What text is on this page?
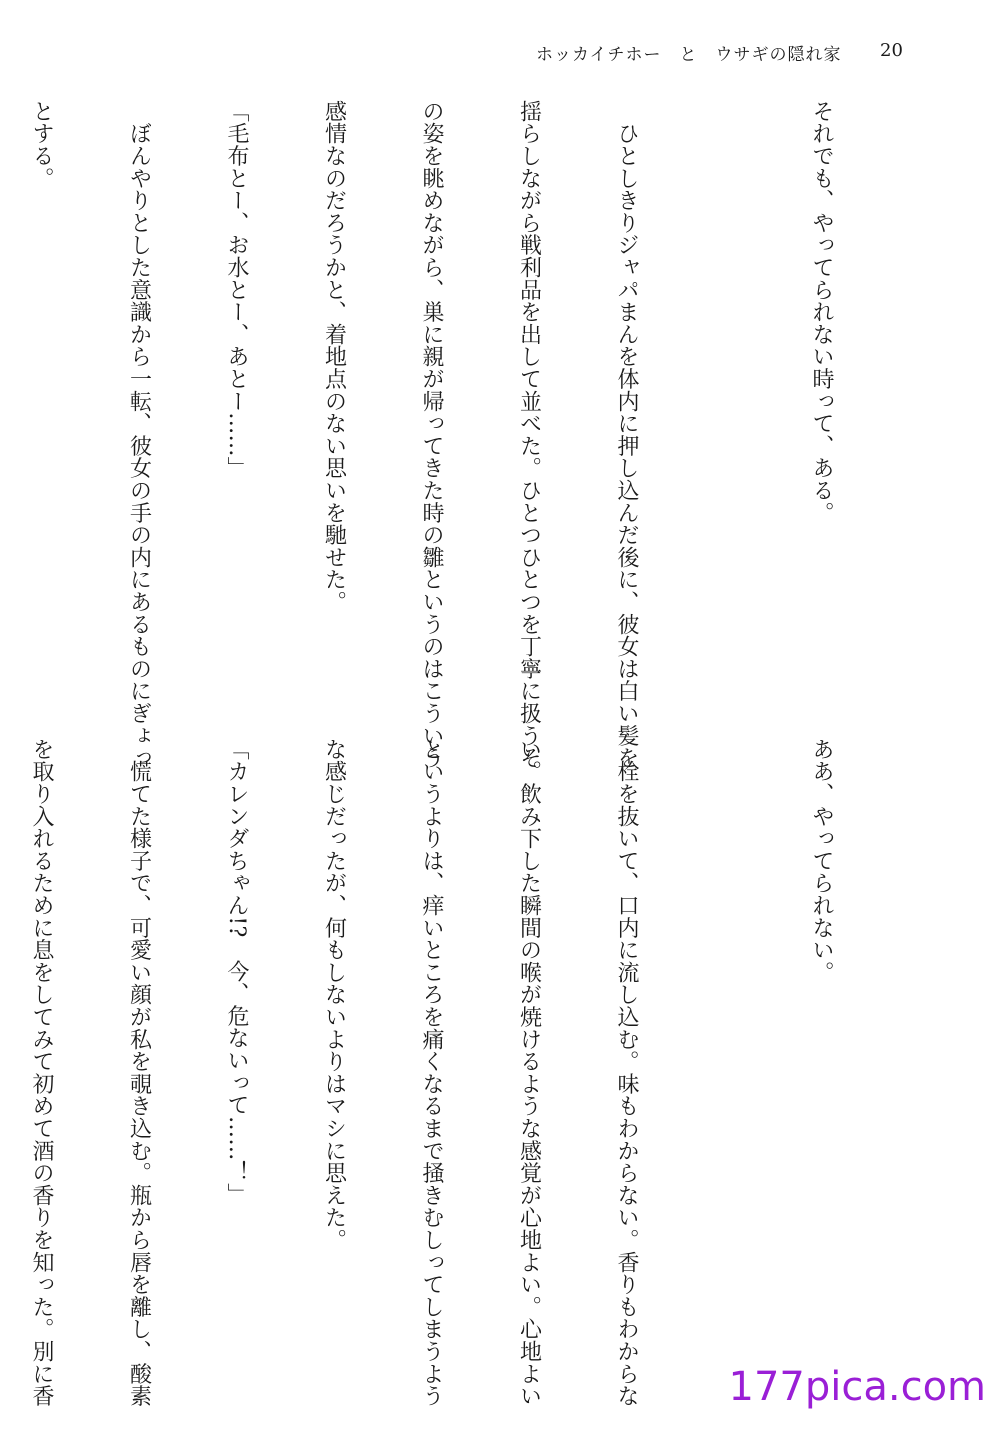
ホッカイチホー　と　ウサギの隠れ家 20

それでも、やってられない時って、ある。

　ひとしきりジャパまんを体内に押し込んだ後に、彼女は白い髪を

揺らしながら戦利品を出して並べた。ひとつひとつを丁寧に扱うそ

の姿を眺めながら、巣に親が帰ってきた時の雛というのはこういう

感情なのだろうかと、着地点のない思いを馳せた。

「毛布とー、お水とー、あとー……」

　ぼんやりとした意識から一転、彼女の手の内にあるものにぎょっ

とする。

ああ、やってられない。

　栓を抜いて、口内に流し込む。味もわからない。香りもわからな

い。飲み下した瞬間の喉が焼けるような感覚が心地よい。心地よい

というよりは、痒いところを痛くなるまで掻きむしってしまうよう

な感じだったが、何もしないよりはマシに思えた。

「カレンダちゃん!?　今、危ないって……！」

　慌てた様子で、可愛い顔が私を覗き込む。瓶から唇を離し、酸素

を取り入れるために息をしてみて初めて酒の香りを知った。別に香

	177pica.com
